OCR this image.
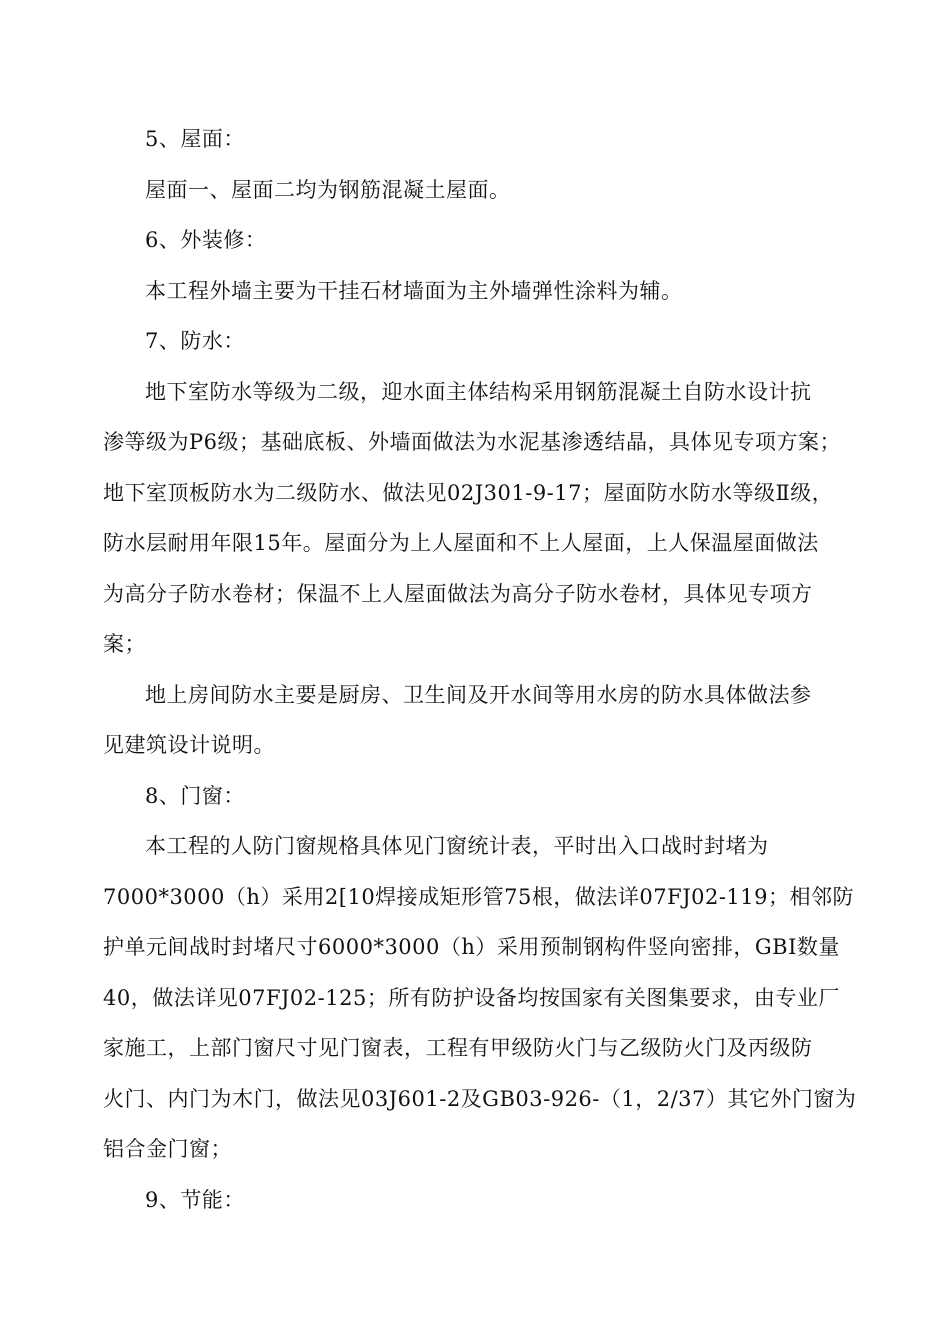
5、屋面：
屋面一、屋面二均为钢筋混凝土屋面。
6、外装修：
本工程外墙主要为干挂石材墙面为主外墙弹性涂料为辅。
7、防水：
地下室防水等级为二级，迎水面主体结构采用钢筋混凝土自防水设计抗
渗等级为P6级；基础底板、外墙面做法为水泥基渗透结晶，具体见专项方案；
地下室顶板防水为二级防水、做法见02J301-9-17；屋面防水防水等级Ⅱ级，
防水层耐用年限15年。屋面分为上人屋面和不上人屋面，上人保温屋面做法
为高分子防水卷材；保温不上人屋面做法为高分子防水卷材，具体见专项方
案；
地上房间防水主要是厨房、卫生间及开水间等用水房的防水具体做法参
见建筑设计说明。
8、门窗：
本工程的人防门窗规格具体见门窗统计表，平时出入口战时封堵为
7000*3000（h）采用2[10焊接成矩形管75根，做法详07FJ02-119；相邻防
护单元间战时封堵尺寸6000*3000（h）采用预制钢构件竖向密排，GBI数量
40，做法详见07FJ02-125；所有防护设备均按国家有关图集要求，由专业厂
家施工，上部门窗尺寸见门窗表，工程有甲级防火门与乙级防火门及丙级防
火门、内门为木门，做法见03J601-2及GB03-926-（1，2/37）其它外门窗为
铝合金门窗；
9、节能：
